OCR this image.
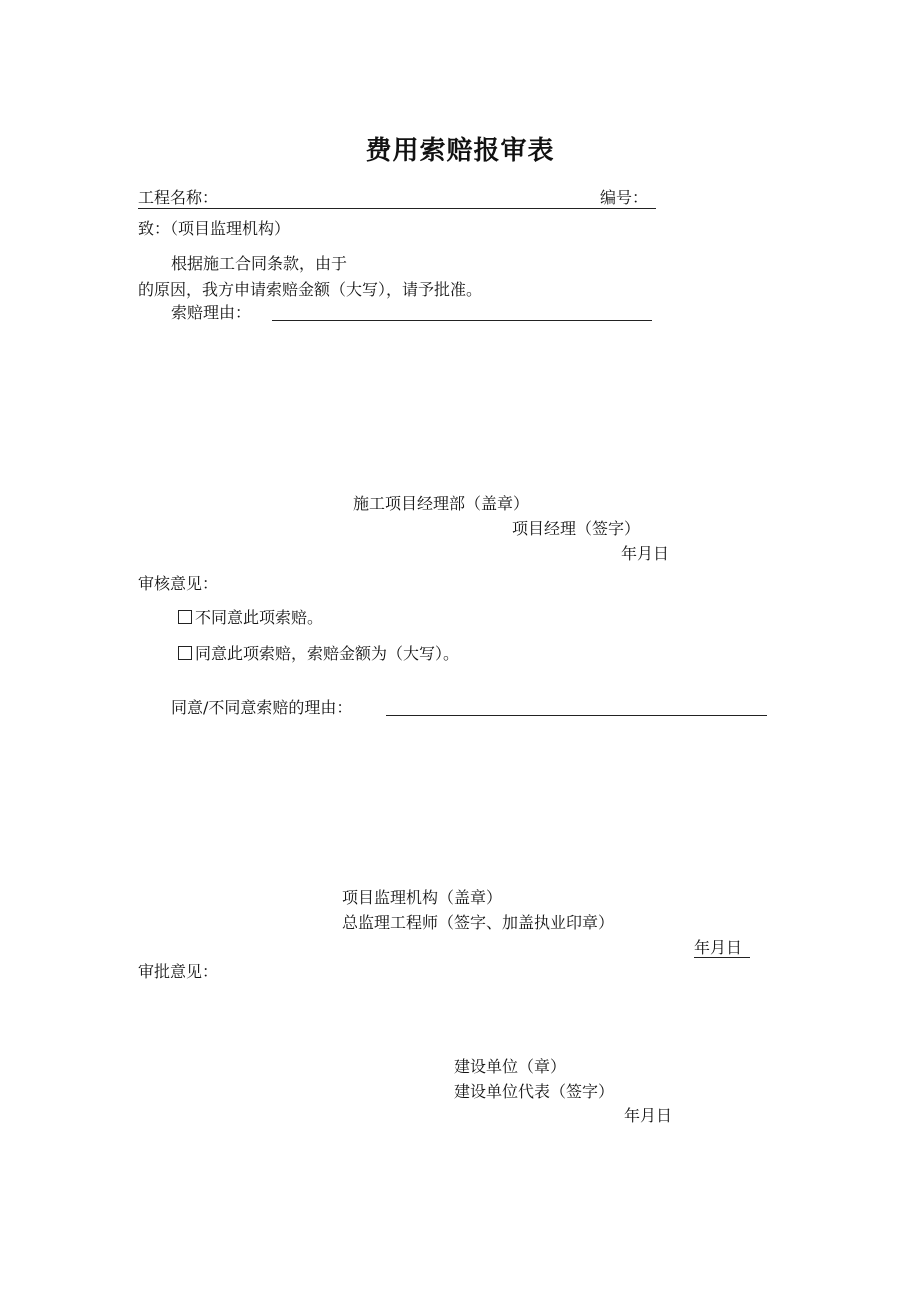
费用索赔报审表
工程名称：	编号：
致：（项目监理机构）
根据施工合同条款，由于
的原因，我方申请索赔金额（大写），请予批准。
索赔理由：
施工项目经理部（盖章）
项目经理（签字）
年月日
审核意见：
不同意此项索赔。
同意此项索赔，索赔金额为（大写）。
同意/不同意索赔的理由：
项目监理机构（盖章）
总监理工程师（签字、加盖执业印章）
年月日
审批意见：
建设单位（章）
建设单位代表（签字）
年月日
